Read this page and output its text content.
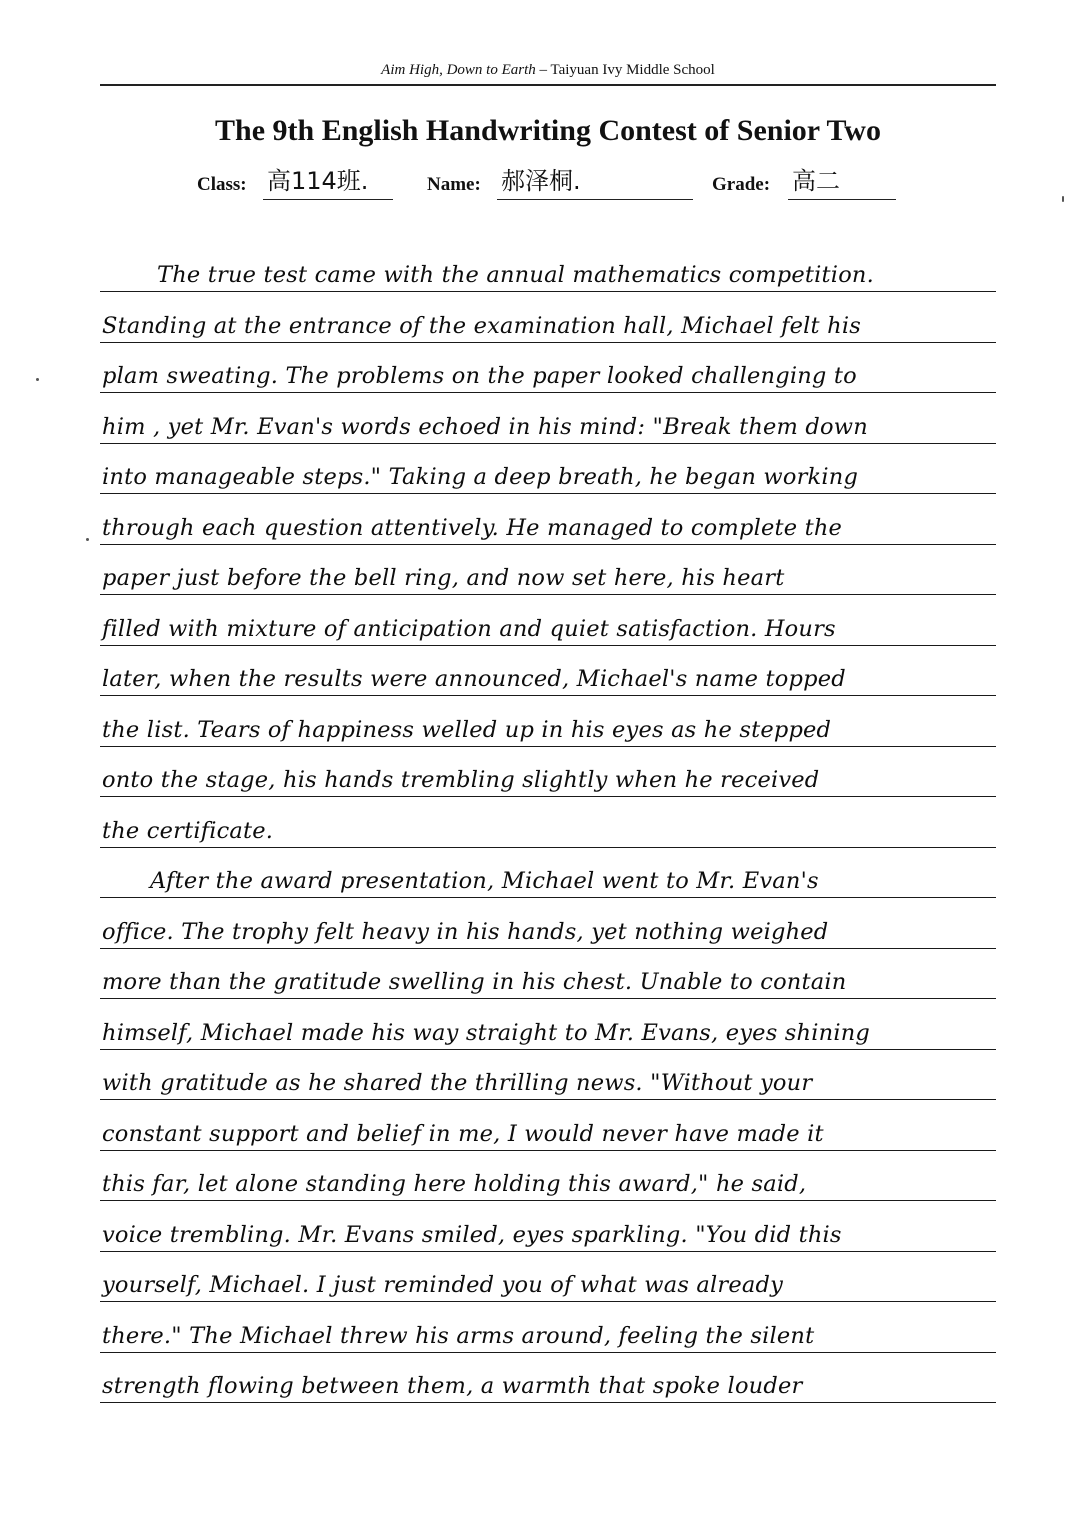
Aim High, Down to Earth – Taiyuan Ivy Middle School
The 9th English Handwriting Contest of Senior Two
Class: 高114班.	Name: 郝泽桐.	Grade: 高二
The true test came with the annual mathematics competition.
Standing at the entrance of the examination hall, Michael felt his
plam sweating. The problems on the paper looked challenging to
him , yet Mr. Evan's words echoed in his mind: "Break them down
into manageable steps." Taking a deep breath, he began working
through each question attentively. He managed to complete the
paper just before the bell ring, and now set here, his heart
filled with mixture of anticipation and quiet satisfaction. Hours
later, when the results were announced, Michael's name topped
the list. Tears of happiness welled up in his eyes as he stepped
onto the stage, his hands trembling slightly when he received
the certificate.
After the award presentation, Michael went to Mr. Evan's
office. The trophy felt heavy in his hands, yet nothing weighed
more than the gratitude swelling in his chest. Unable to contain
himself, Michael made his way straight to Mr. Evans, eyes shining
with gratitude as he shared the thrilling news. "Without your
constant support and belief in me, I would never have made it
this far, let alone standing here holding this award," he said,
voice trembling. Mr. Evans smiled, eyes sparkling. "You did this
yourself, Michael. I just reminded you of what was already
there." The Michael threw his arms around, feeling the silent
strength flowing between them, a warmth that spoke louder
